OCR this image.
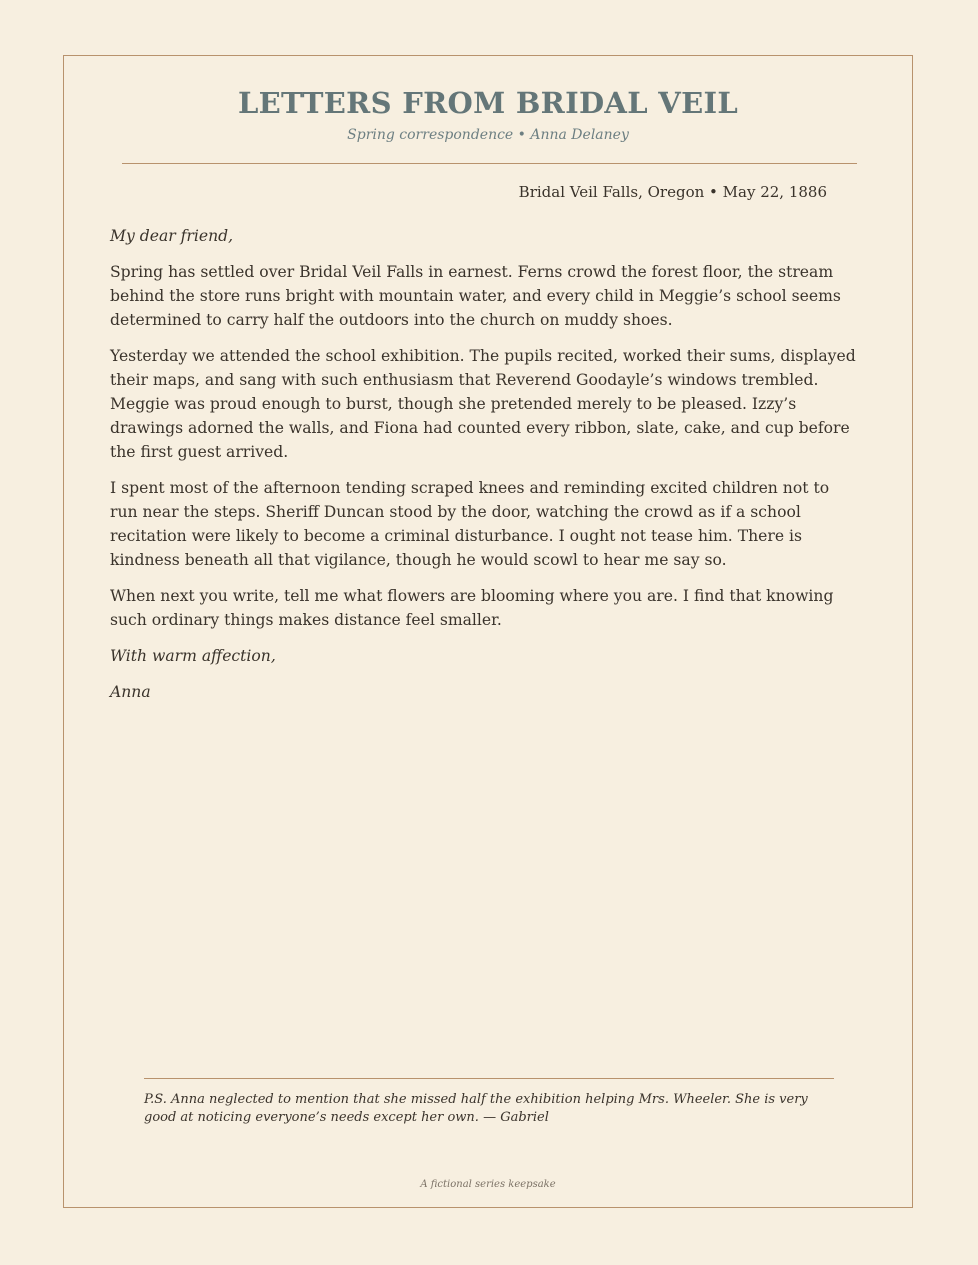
LETTERS FROM BRIDAL VEIL
Spring correspondence • Anna Delaney
Bridal Veil Falls, Oregon • May 22, 1886

My dear friend,

Spring has settled over Bridal Veil Falls in earnest. Ferns crowd the forest floor, the stream behind the store runs bright with mountain water, and every child in Meggie’s school seems determined to carry half the outdoors into the church on muddy shoes.

Yesterday we attended the school exhibition. The pupils recited, worked their sums, displayed their maps, and sang with such enthusiasm that Reverend Goodayle’s windows trembled. Meggie was proud enough to burst, though she pretended merely to be pleased. Izzy’s drawings adorned the walls, and Fiona had counted every ribbon, slate, cake, and cup before the first guest arrived.

I spent most of the afternoon tending scraped knees and reminding excited children not to run near the steps. Sheriff Duncan stood by the door, watching the crowd as if a school recitation were likely to become a criminal disturbance. I ought not tease him. There is kindness beneath all that vigilance, though he would scowl to hear me say so.

When next you write, tell me what flowers are blooming where you are. I find that knowing such ordinary things makes distance feel smaller.

With warm affection,

Anna

P.S. Anna neglected to mention that she missed half the exhibition helping Mrs. Wheeler. She is very good at noticing everyone’s needs except her own. — Gabriel
A fictional series keepsake
